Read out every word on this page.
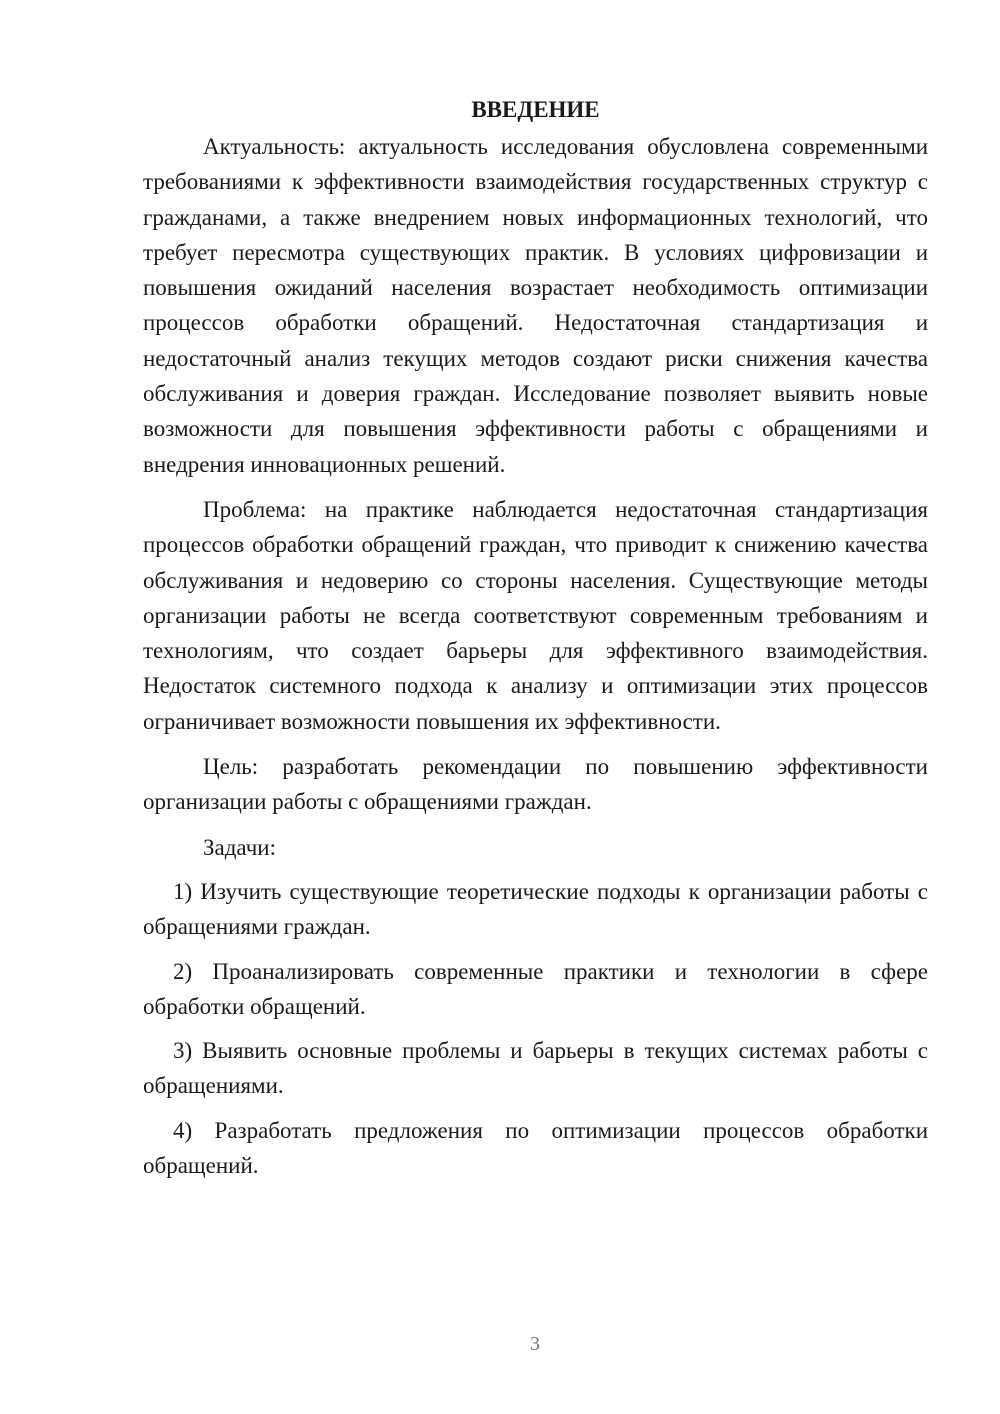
ВВЕДЕНИЕ

Актуальность: актуальность исследования обусловлена современными требованиями к эффективности взаимодействия государственных структур с гражданами, а также внедрением новых информационных технологий, что требует пересмотра существующих практик. В условиях цифровизации и повышения ожиданий населения возрастает необходимость оптимизации процессов обработки обращений. Недостаточная стандартизация и недостаточный анализ текущих методов создают риски снижения качества обслуживания и доверия граждан. Исследование позволяет выявить новые возможности для повышения эффективности работы с обращениями и внедрения инновационных решений.

Проблема: на практике наблюдается недостаточная стандартизация процессов обработки обращений граждан, что приводит к снижению качества обслуживания и недоверию со стороны населения. Существующие методы организации работы не всегда соответствуют современным требованиям и технологиям, что создает барьеры для эффективного взаимодействия. Недостаток системного подхода к анализу и оптимизации этих процессов ограничивает возможности повышения их эффективности.

Цель: разработать рекомендации по повышению эффективности организации работы с обращениями граждан.

Задачи:

1) Изучить существующие теоретические подходы к организации работы с обращениями граждан.

2) Проанализировать современные практики и технологии в сфере обработки обращений.

3) Выявить основные проблемы и барьеры в текущих системах работы с обращениями.

4) Разработать предложения по оптимизации процессов обработки обращений.

3
